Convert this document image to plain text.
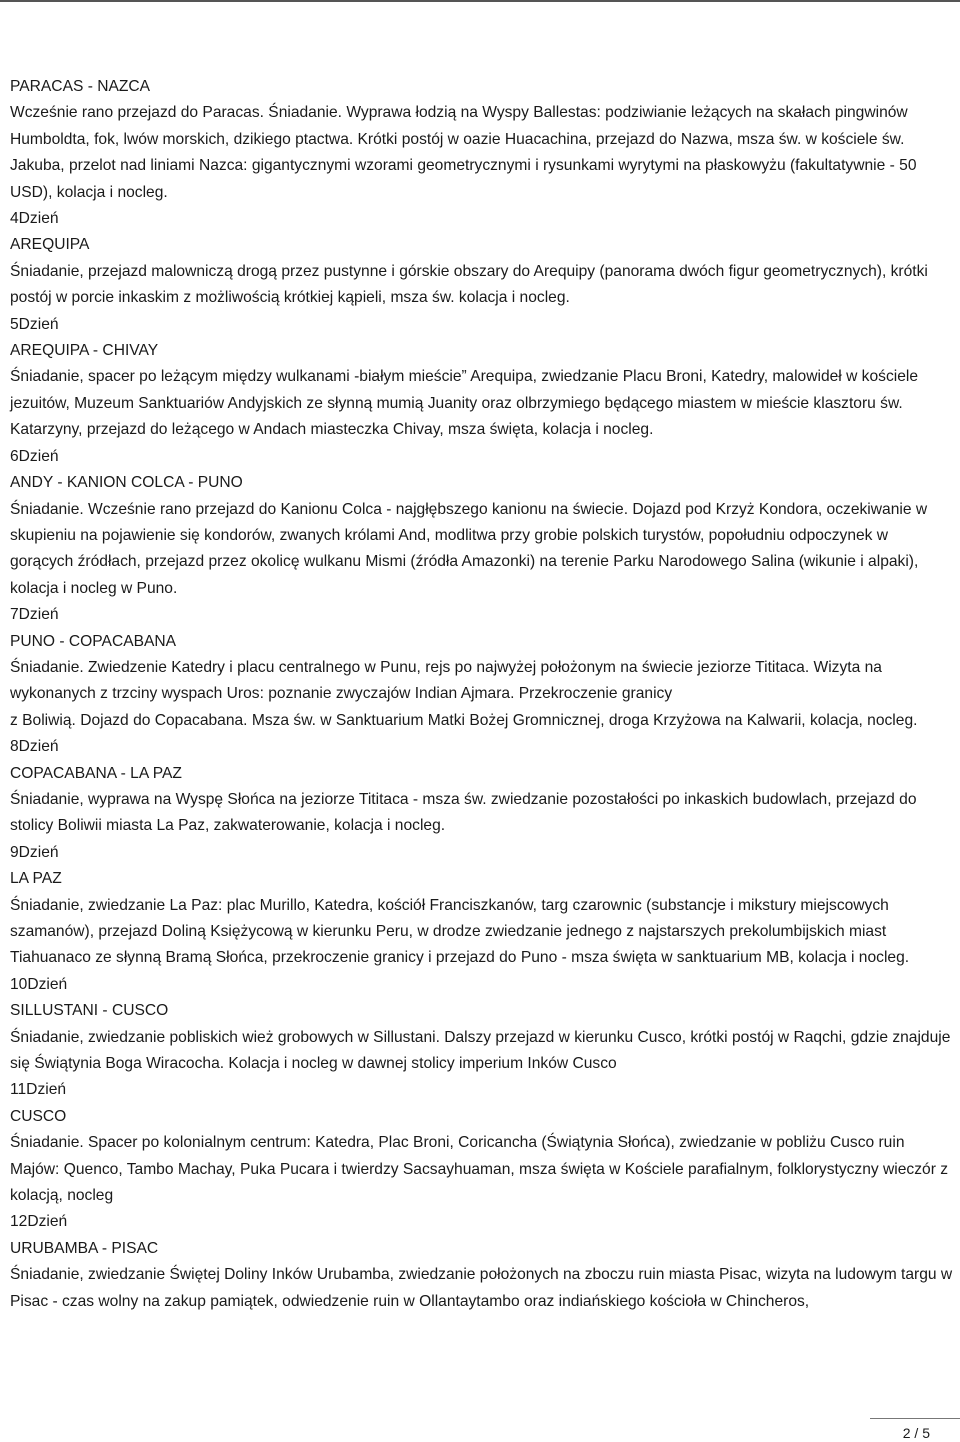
PARACAS - NAZCA

Wcześnie rano przejazd do Paracas. Śniadanie. Wyprawa łodzią na Wyspy Ballestas: podziwianie leżących na skałach pingwinów Humboldta, fok, lwów morskich, dzikiego ptactwa. Krótki postój w oazie Huacachina, przejazd do Nazwa, msza św. w kościele św. Jakuba, przelot nad liniami Nazca: gigantycznymi wzorami geometrycznymi i rysunkami wyrytymi na płaskowyżu (fakultatywnie - 50 USD), kolacja i nocleg.

4Dzień

AREQUIPA

Śniadanie, przejazd malowniczą drogą przez pustynne i górskie obszary do Arequipy (panorama dwóch figur geometrycznych), krótki postój w porcie inkaskim z możliwością krótkiej kąpieli, msza św. kolacja i nocleg.

5Dzień

AREQUIPA - CHIVAY

Śniadanie, spacer po leżącym między wulkanami -białym mieście” Arequipa, zwiedzanie Placu Broni, Katedry, malowideł w kościele jezuitów, Muzeum Sanktuariów Andyjskich ze słynną mumią Juanity oraz olbrzymiego będącego miastem w mieście klasztoru św. Katarzyny, przejazd do leżącego w Andach miasteczka Chivay, msza święta, kolacja i nocleg.

6Dzień

ANDY - KANION COLCA - PUNO

Śniadanie. Wcześnie rano przejazd do Kanionu Colca - najgłębszego kanionu na świecie. Dojazd pod Krzyż Kondora, oczekiwanie w skupieniu na pojawienie się kondorów, zwanych królami And, modlitwa przy grobie polskich turystów, popołudniu odpoczynek w gorących źródłach, przejazd przez okolicę wulkanu Mismi (źródła Amazonki) na terenie Parku Narodowego Salina (wikunie i alpaki), kolacja i nocleg w Puno.

7Dzień

PUNO - COPACABANA

Śniadanie. Zwiedzenie Katedry i placu centralnego w Punu, rejs po najwyżej położonym na świecie jeziorze Tititaca. Wizyta na wykonanych z trzciny wyspach Uros: poznanie zwyczajów Indian Ajmara. Przekroczenie granicy

z Boliwią. Dojazd do Copacabana. Msza św. w Sanktuarium Matki Bożej Gromnicznej, droga Krzyżowa na Kalwarii, kolacja, nocleg.

8Dzień

COPACABANA - LA PAZ

Śniadanie, wyprawa na Wyspę Słońca na jeziorze Tititaca - msza św. zwiedzanie pozostałości po inkaskich budowlach, przejazd do stolicy Boliwii miasta La Paz, zakwaterowanie, kolacja i nocleg.

9Dzień

LA PAZ

Śniadanie, zwiedzanie La Paz: plac Murillo, Katedra, kościół Franciszkanów, targ czarownic (substancje i mikstury miejscowych szamanów), przejazd Doliną Księżycową w kierunku Peru, w drodze zwiedzanie jednego z najstarszych prekolumbijskich miast Tiahuanaco ze słynną Bramą Słońca, przekroczenie granicy i przejazd do Puno - msza święta w sanktuarium MB, kolacja i nocleg.

10Dzień

SILLUSTANI - CUSCO

Śniadanie, zwiedzanie pobliskich wież grobowych w Sillustani. Dalszy przejazd w kierunku Cusco, krótki postój w Raqchi, gdzie znajduje się Świątynia Boga Wiracocha. Kolacja i nocleg w dawnej stolicy imperium Inków Cusco

11Dzień

CUSCO

Śniadanie. Spacer po kolonialnym centrum: Katedra, Plac Broni, Coricancha (Świątynia Słońca), zwiedzanie w pobliżu Cusco ruin Majów: Quenco, Tambo Machay, Puka Pucara i twierdzy Sacsayhuaman, msza święta w Kościele parafialnym, folklorystyczny wieczór z kolacją, nocleg

12Dzień

URUBAMBA - PISAC

Śniadanie, zwiedzanie Świętej Doliny Inków Urubamba, zwiedzanie położonych na zboczu ruin miasta Pisac, wizyta na ludowym targu w Pisac - czas wolny na zakup pamiątek, odwiedzenie ruin w Ollantaytambo oraz indiańskiego kościoła w Chincheros,

2 / 5
